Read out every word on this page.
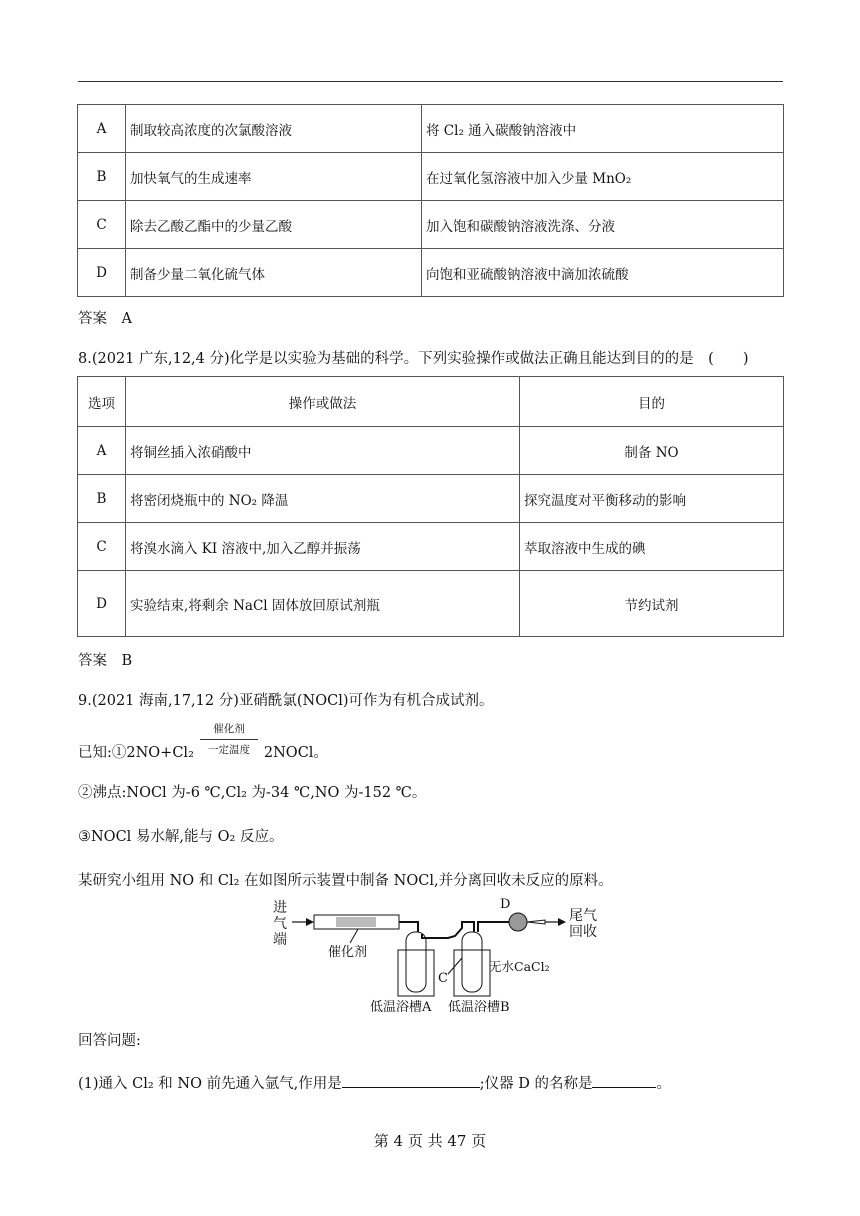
A	制取较高浓度的次氯酸溶液	将 Cl₂ 通入碳酸钠溶液中
B	加快氧气的生成速率	在过氧化氢溶液中加入少量 MnO₂
C	除去乙酸乙酯中的少量乙酸	加入饱和碳酸钠溶液洗涤、分液
D	制备少量二氧化硫气体	向饱和亚硫酸钠溶液中滴加浓硫酸
答案　A
8.(2021 广东,12,4 分)化学是以实验为基础的科学。下列实验操作或做法正确且能达到目的的是　(　　)
选项	操作或做法	目的
A	将铜丝插入浓硝酸中	制备 NO
B	将密闭烧瓶中的 NO₂ 降温	探究温度对平衡移动的影响
C	将溴水滴入 KI 溶液中,加入乙醇并振荡	萃取溶液中生成的碘
D	实验结束,将剩余 NaCl 固体放回原试剂瓶	节约试剂
答案　B
9.(2021 海南,17,12 分)亚硝酰氯(NOCl)可作为有机合成试剂。
催化剂
一定温度
已知:①2NO+Cl₂	2NOCl。
②沸点:NOCl 为-6 ℃,Cl₂ 为-34 ℃,NO 为-152 ℃。
③NOCl 易水解,能与 O₂ 反应。
某研究小组用 NO 和 Cl₂ 在如图所示装置中制备 NOCl,并分离回收未反应的原料。
进
气
端
催化剂
C
D
尾气
回收
无水CaCl₂
低温浴槽A 低温浴槽B
回答问题:
(1)通入 Cl₂ 和 NO 前先通入氩气,作用是	;仪器 D 的名称是	。
第 4 页 共 47 页
